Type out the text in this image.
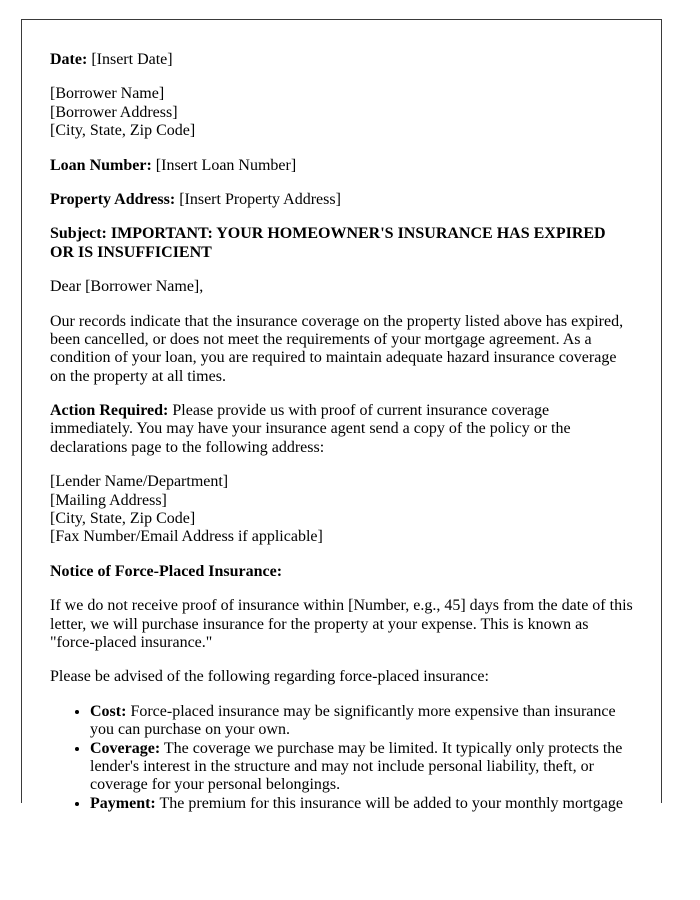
Date: [Insert Date]

[Borrower Name]
[Borrower Address]
[City, State, Zip Code]

Loan Number: [Insert Loan Number]

Property Address: [Insert Property Address]

Subject: IMPORTANT: YOUR HOMEOWNER'S INSURANCE HAS EXPIRED OR IS INSUFFICIENT

Dear [Borrower Name],

Our records indicate that the insurance coverage on the property listed above has expired, been cancelled, or does not meet the requirements of your mortgage agreement. As a condition of your loan, you are required to maintain adequate hazard insurance coverage on the property at all times.

Action Required: Please provide us with proof of current insurance coverage immediately. You may have your insurance agent send a copy of the policy or the declarations page to the following address:

[Lender Name/Department]
[Mailing Address]
[City, State, Zip Code]
[Fax Number/Email Address if applicable]

Notice of Force-Placed Insurance:

If we do not receive proof of insurance within [Number, e.g., 45] days from the date of this letter, we will purchase insurance for the property at your expense. This is known as "force-placed insurance."

Please be advised of the following regarding force-placed insurance:

• Cost: Force-placed insurance may be significantly more expensive than insurance you can purchase on your own.
• Coverage: The coverage we purchase may be limited. It typically only protects the lender's interest in the structure and may not include personal liability, theft, or coverage for your personal belongings.
• Payment: The premium for this insurance will be added to your monthly mortgage
